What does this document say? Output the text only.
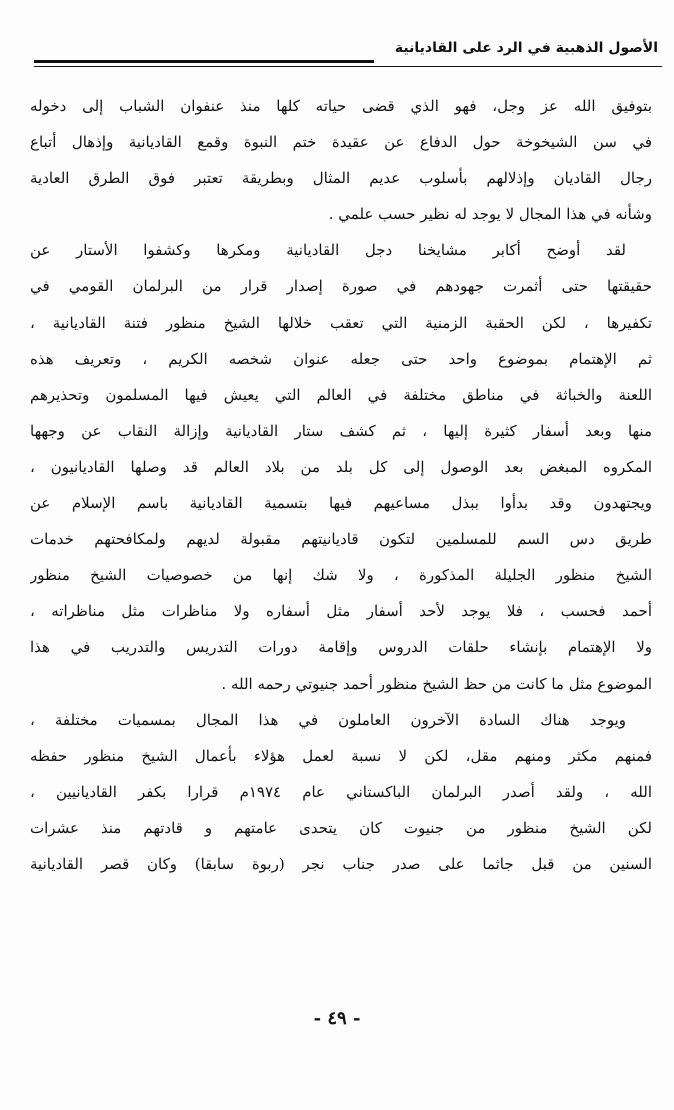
الأصول الذهبية في الرد على القاديانية
بتوفيق الله عز وجل، فهو الذي قضى حياته كلها منذ عنفوان الشباب إلى دخوله
في سن الشيخوخة حول الدفاع عن عقيدة ختم النبوة وقمع القاديانية وإذهال أتباع
رجال القاديان وإذلالهم بأسلوب عديم المثال وبطريقة تعتبر فوق الطرق العادية
وشأنه في هذا المجال لا يوجد له نظير حسب علمي .
لقد أوضح أكابر مشايخنا دجل القاديانية ومكرها وكشفوا الأستار عن
حقيقتها حتى أثمرت جهودهم في صورة إصدار قرار من البرلمان القومي في
تكفيرها ، لكن الحقبة الزمنية التي تعقب خلالها الشيخ منظور فتنة القاديانية ،
ثم الإهتمام بموضوع واحد حتى جعله عنوان شخصه الكريم ، وتعريف هذه
اللعنة والخباثة في مناطق مختلفة في العالم التي يعيش فيها المسلمون وتحذيرهم
منها وبعد أسفار كثيرة إليها ، ثم كشف ستار القاديانية وإزالة النقاب عن وجهها
المكروه المبغض بعد الوصول إلى كل بلد من بلاد العالم قد وصلها القاديانيون ،
ويجتهدون وقد بدأوا ببذل مساعيهم فيها بتسمية القاديانية باسم الإسلام عن
طريق دس السم للمسلمين لتكون قاديانيتهم مقبولة لديهم ولمكافحتهم خدمات
الشيخ منظور الجليلة المذكورة ، ولا شك إنها من خصوصيات الشيخ منظور
أحمد فحسب ، فلا يوجد لأحد أسفار مثل أسفاره ولا مناظرات مثل مناظراته ،
ولا الإهتمام بإنشاء حلقات الدروس وإقامة دورات التدريس والتدريب في هذا
الموضوع مثل ما كانت من حظ الشيخ منظور أحمد جنيوتي رحمه الله .
ويوجد هناك السادة الآخرون العاملون في هذا المجال بمسميات مختلفة ،
فمنهم مكثر ومنهم مقل، لكن لا نسبة لعمل هؤلاء بأعمال الشيخ منظور حفظه
الله ، ولقد أصدر البرلمان الباكستاني عام ١٩٧٤م قرارا بكفر القاديانيين ،
لكن الشيخ منظور من جنيوت كان يتحدى عامتهم و قادتهم منذ عشرات
السنين من قبل جاثما على صدر جناب نجر (ربوة سابقا) وكان قصر القاديانية
- ٤٩ -
